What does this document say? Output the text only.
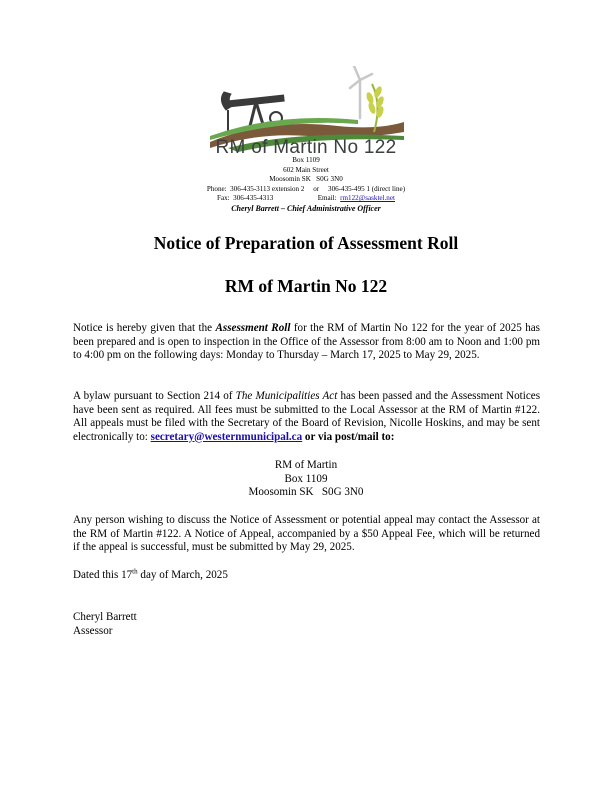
RM of Martin No 122
Box 1109
602 Main Street
Moosomin SK   S0G 3N0
Phone:  306-435-3113 extension 2     or     306-435-495 1 (direct line)
Fax:  306-435-4313	Email: rm122@sasktel.net
Cheryl Barrett – Chief Administrative Officer
Notice of Preparation of Assessment Roll
RM of Martin No 122

Notice is hereby given that the Assessment Roll for the RM of Martin No 122 for the year of 2025 has been prepared and is open to inspection in the Office of the Assessor from 8:00 am to Noon and 1:00 pm to 4:00 pm on the following days: Monday to Thursday – March 17, 2025 to May 29, 2025.

A bylaw pursuant to Section 214 of The Municipalities Act has been passed and the Assessment Notices have been sent as required. All fees must be submitted to the Local Assessor at the RM of Martin #122. All appeals must be filed with the Secretary of the Board of Revision, Nicolle Hoskins, and may be sent electronically to: secretary@westernmunicipal.ca or via post/mail to:

RM of Martin
Box 1109
Moosomin SK   S0G 3N0

Any person wishing to discuss the Notice of Assessment or potential appeal may contact the Assessor at the RM of Martin #122. A Notice of Appeal, accompanied by a $50 Appeal Fee, which will be returned if the appeal is successful, must be submitted by May 29, 2025.

Dated this 17th day of March, 2025

Cheryl Barrett
Assessor
